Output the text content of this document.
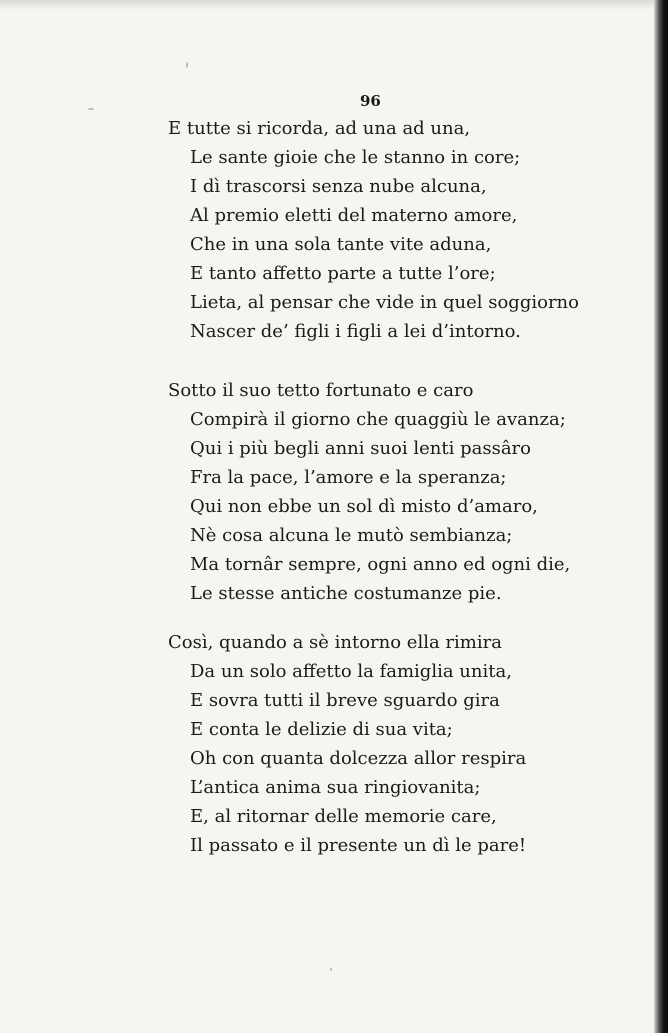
96
E tutte si ricorda, ad una ad una,
Le sante gioie che le stanno in core;
I dì trascorsi senza nube alcuna,
Al premio eletti del materno amore,
Che in una sola tante vite aduna,
E tanto affetto parte a tutte l’ore;
Lieta, al pensar che vide in quel soggiorno
Nascer de’ figli i figli a lei d’intorno.
Sotto il suo tetto fortunato e caro
Compirà il giorno che quaggiù le avanza;
Qui i più begli anni suoi lenti passâro
Fra la pace, l’amore e la speranza;
Qui non ebbe un sol dì misto d’amaro,
Nè cosa alcuna le mutò sembianza;
Ma tornâr sempre, ogni anno ed ogni die,
Le stesse antiche costumanze pie.
Così, quando a sè intorno ella rimira
Da un solo affetto la famiglia unita,
E sovra tutti il breve sguardo gira
E conta le delizie di sua vita;
Oh con quanta dolcezza allor respira
L’antica anima sua ringiovanita;
E, al ritornar delle memorie care,
Il passato e il presente un dì le pare!
